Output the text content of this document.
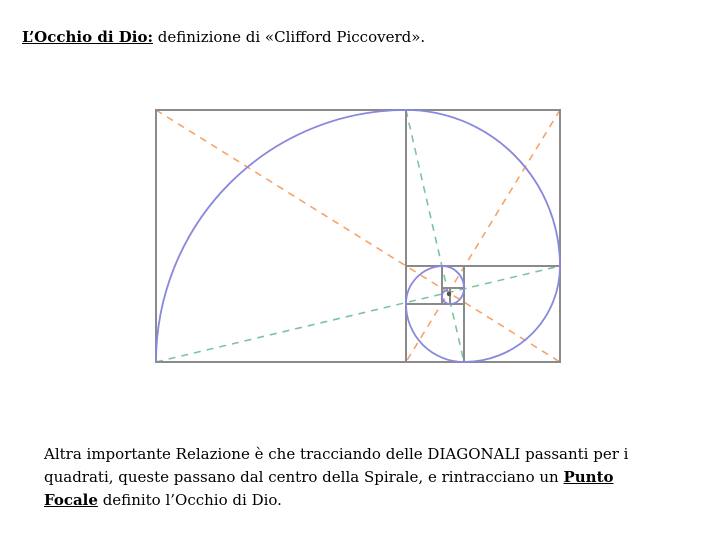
L’Occhio di Dio: definizione di «Clifford Piccoverd».
Altra importante Relazione è che tracciando delle DIAGONALI passanti per i quadrati, queste passano dal centro della Spirale, e rintracciano un Punto Focale definito l’Occhio di Dio.
